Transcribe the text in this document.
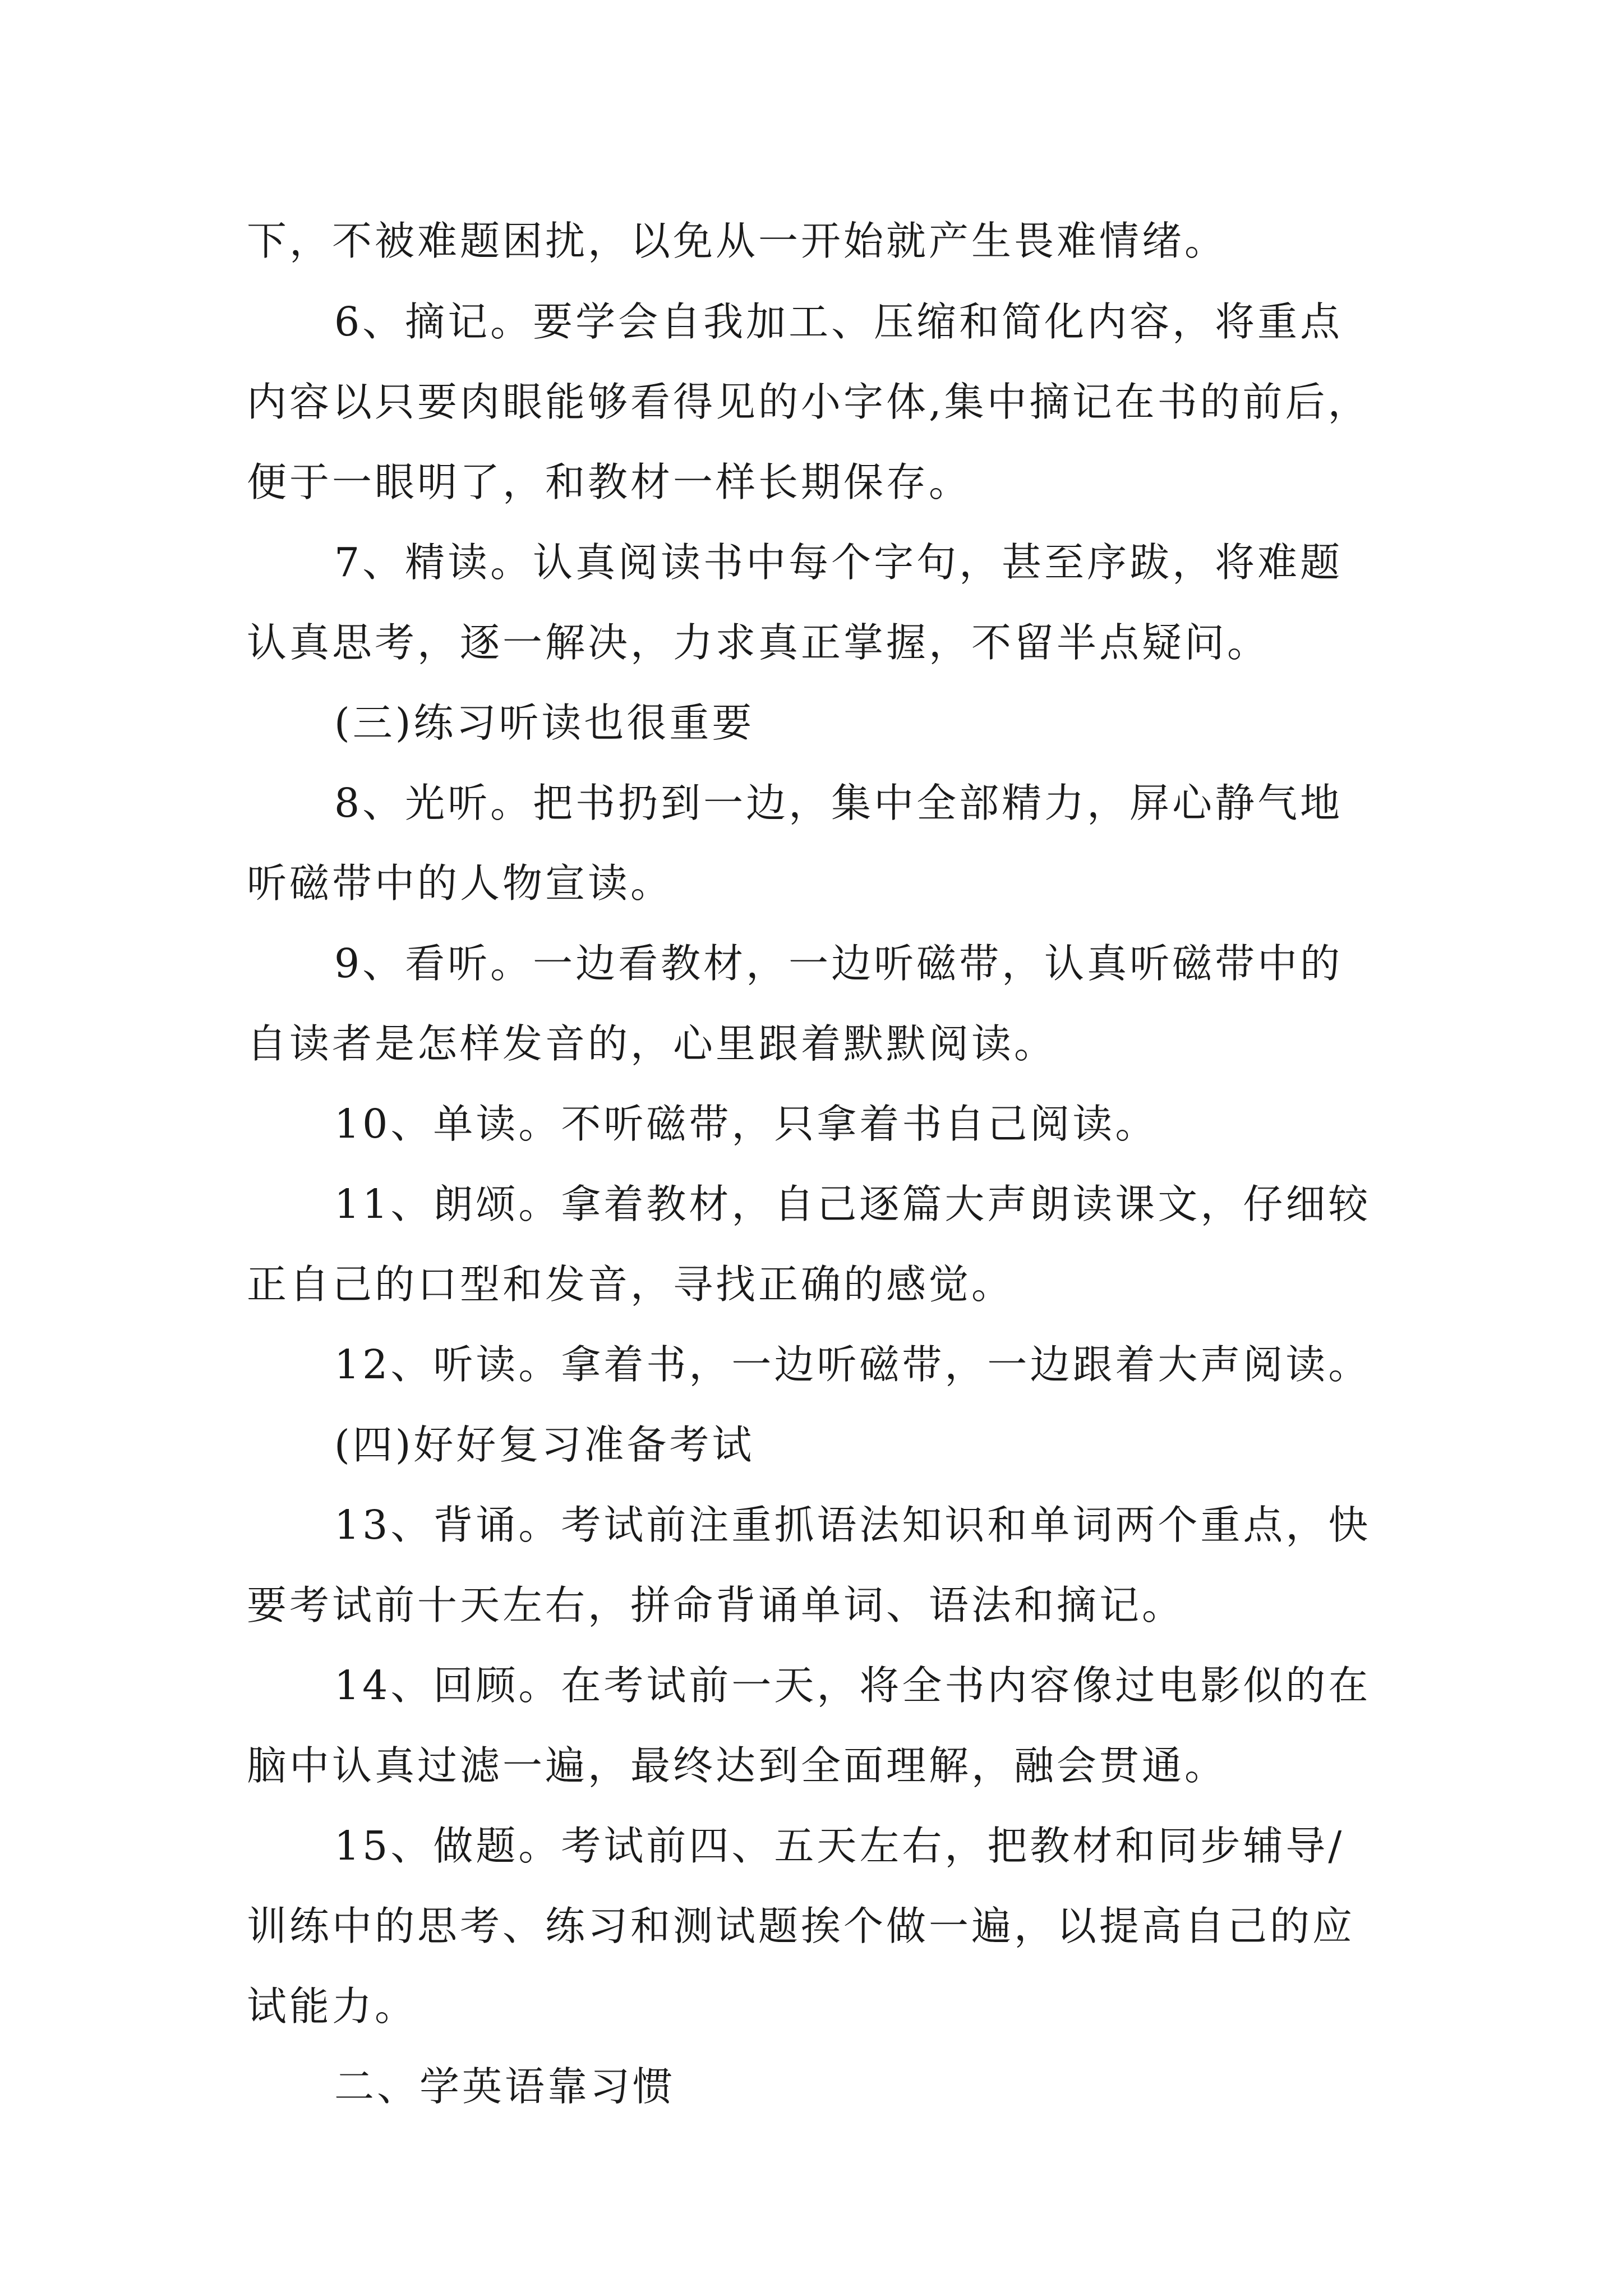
下，不被难题困扰，以免从一开始就产生畏难情绪。
6、摘记。要学会自我加工、压缩和简化内容，将重点
内容以只要肉眼能够看得见的小字体,集中摘记在书的前后，
便于一眼明了，和教材一样长期保存。
7、精读。认真阅读书中每个字句，甚至序跋，将难题
认真思考，逐一解决，力求真正掌握，不留半点疑问。
(三)练习听读也很重要
8、光听。把书扔到一边，集中全部精力，屏心静气地
听磁带中的人物宣读。
9、看听。一边看教材，一边听磁带，认真听磁带中的
自读者是怎样发音的，心里跟着默默阅读。
10、单读。不听磁带，只拿着书自己阅读。
11、朗颂。拿着教材，自己逐篇大声朗读课文，仔细较
正自己的口型和发音，寻找正确的感觉。
12、听读。拿着书，一边听磁带，一边跟着大声阅读。
(四)好好复习准备考试
13、背诵。考试前注重抓语法知识和单词两个重点，快
要考试前十天左右，拼命背诵单词、语法和摘记。
14、回顾。在考试前一天，将全书内容像过电影似的在
脑中认真过滤一遍，最终达到全面理解，融会贯通。
15、做题。考试前四、五天左右，把教材和同步辅导/
训练中的思考、练习和测试题挨个做一遍，以提高自己的应
试能力。
二、学英语靠习惯
